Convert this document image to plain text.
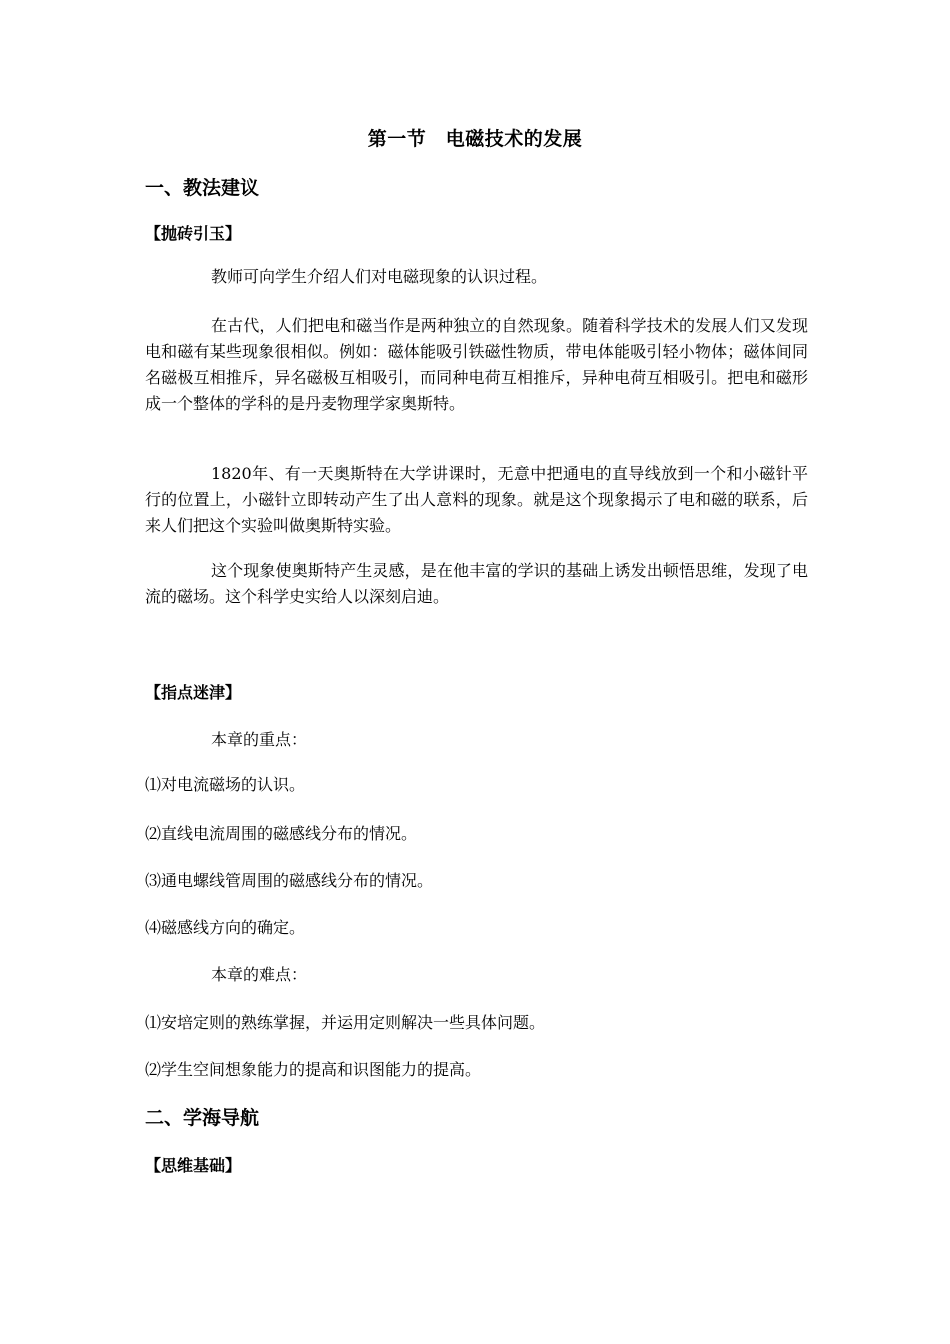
第一节　电磁技术的发展
一、教法建议
【抛砖引玉】
教师可向学生介绍人们对电磁现象的认识过程。
在古代，人们把电和磁当作是两种独立的自然现象。随着科学技术的发展人们又发现电和磁有某些现象很相似。例如：磁体能吸引铁磁性物质，带电体能吸引轻小物体；磁体间同名磁极互相推斥，异名磁极互相吸引，而同种电荷互相推斥，异种电荷互相吸引。把电和磁形成一个整体的学科的是丹麦物理学家奥斯特。
1820年、有一天奥斯特在大学讲课时，无意中把通电的直导线放到一个和小磁针平行的位置上，小磁针立即转动产生了出人意料的现象。就是这个现象揭示了电和磁的联系，后来人们把这个实验叫做奥斯特实验。
这个现象使奥斯特产生灵感，是在他丰富的学识的基础上诱发出顿悟思维，发现了电流的磁场。这个科学史实给人以深刻启迪。
【指点迷津】
本章的重点：
⑴对电流磁场的认识。
⑵直线电流周围的磁感线分布的情况。
⑶通电螺线管周围的磁感线分布的情况。
⑷磁感线方向的确定。
本章的难点：
⑴安培定则的熟练掌握，并运用定则解决一些具体问题。
⑵学生空间想象能力的提高和识图能力的提高。
二、学海导航
【思维基础】
